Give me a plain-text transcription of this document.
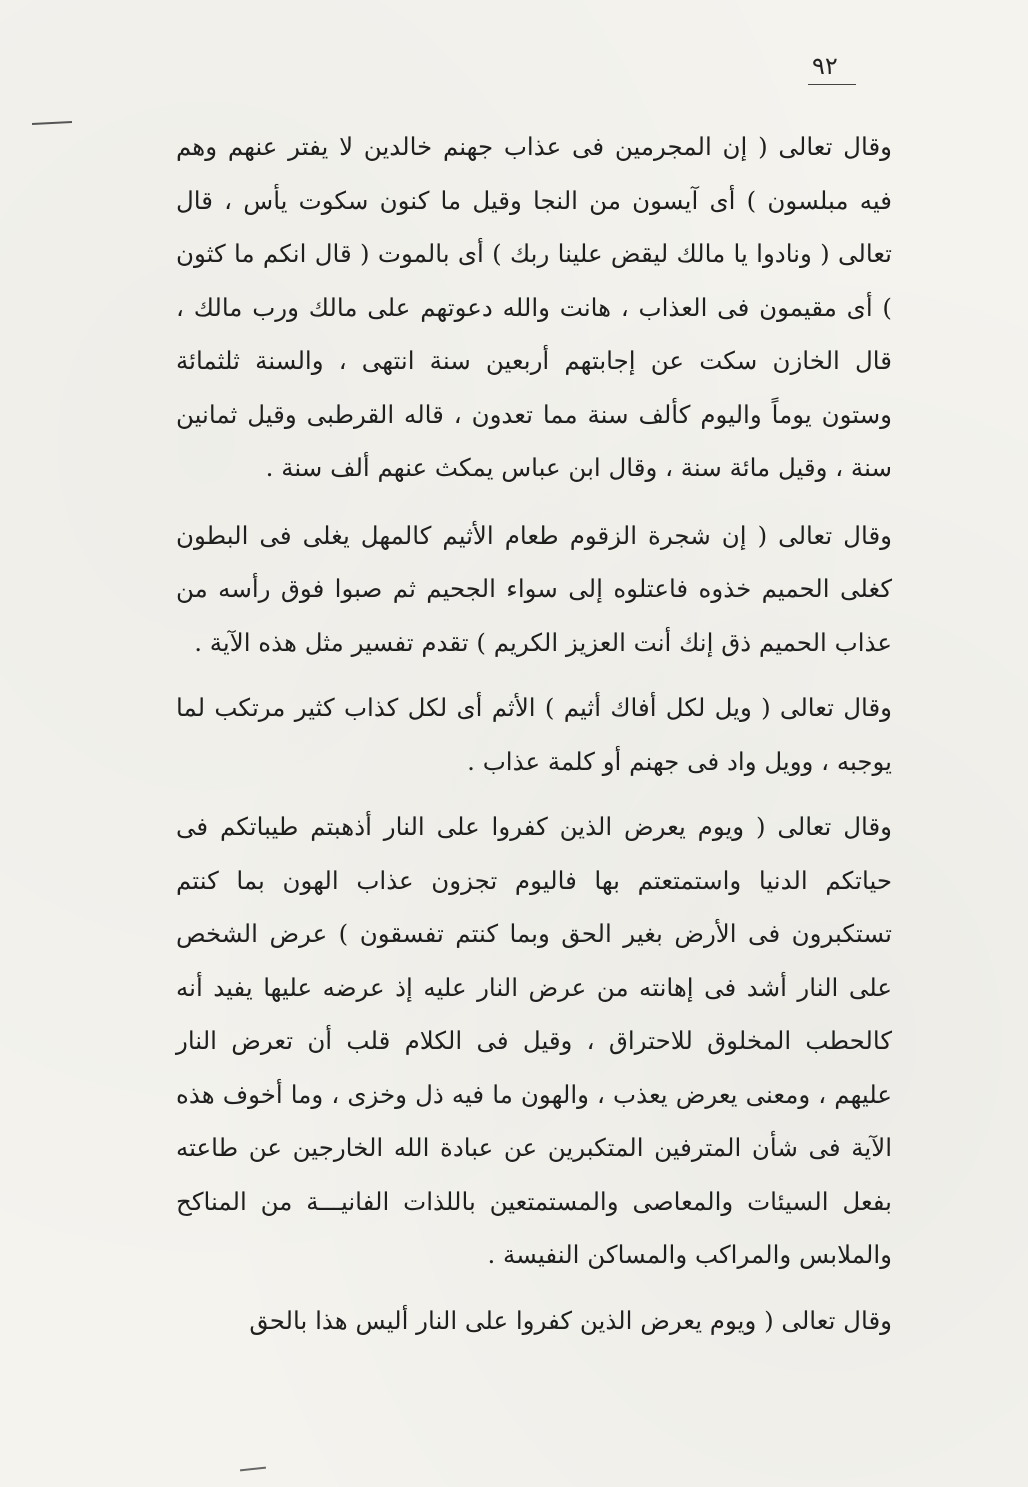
٩٢

وقال تعالى ( إن المجرمين فى عذاب جهنم خالدين لا يفتر عنهم وهم فيه مبلسون ) أى آيسون من النجا وقيل ما كنون سكوت يأس ، قال تعالى ( ونادوا يا مالك ليقض علينا ربك ) أى بالموت ( قال انكم ما كثون ) أى مقيمون فى العذاب ، هانت والله دعوتهم على مالك ورب مالك ، قال الخازن سكت عن إجابتهم أربعين سنة انتهى ، والسنة ثلثمائة وستون يوماً واليوم كألف سنة مما تعدون ، قاله القرطبى وقيل ثمانين سنة ، وقيل مائة سنة ، وقال ابن عباس يمكث عنهم ألف سنة .

وقال تعالى ( إن شجرة الزقوم طعام الأثيم كالمهل يغلى فى البطون كغلى الحميم خذوه فاعتلوه إلى سواء الجحيم ثم صبوا فوق رأسه من عذاب الحميم ذق إنك أنت العزيز الكريم ) تقدم تفسير مثل هذه الآية .

وقال تعالى ( ويل لكل أفاك أثيم ) الأثم أى لكل كذاب كثير مرتكب لما يوجبه ، وويل واد فى جهنم أو كلمة عذاب .

وقال تعالى ( ويوم يعرض الذين كفروا على النار أذهبتم طيباتكم فى حياتكم الدنيا واستمتعتم بها فاليوم تجزون عذاب الهون بما كنتم تستكبرون فى الأرض بغير الحق وبما كنتم تفسقون ) عرض الشخص على النار أشد فى إهانته من عرض النار عليه إذ عرضه عليها يفيد أنه كالحطب المخلوق للاحتراق ، وقيل فى الكلام قلب أن تعرض النار عليهم ، ومعنى يعرض يعذب ، والهون ما فيه ذل وخزى ، وما أخوف هذه الآية فى شأن المترفين المتكبرين عن عبادة الله الخارجين عن طاعته بفعل السيئات والمعاصى والمستمتعين باللذات الفانيـــة من المناكح والملابس والمراكب والمساكن النفيسة .

وقال تعالى ( ويوم يعرض الذين كفروا على النار أليس هذا بالحق
